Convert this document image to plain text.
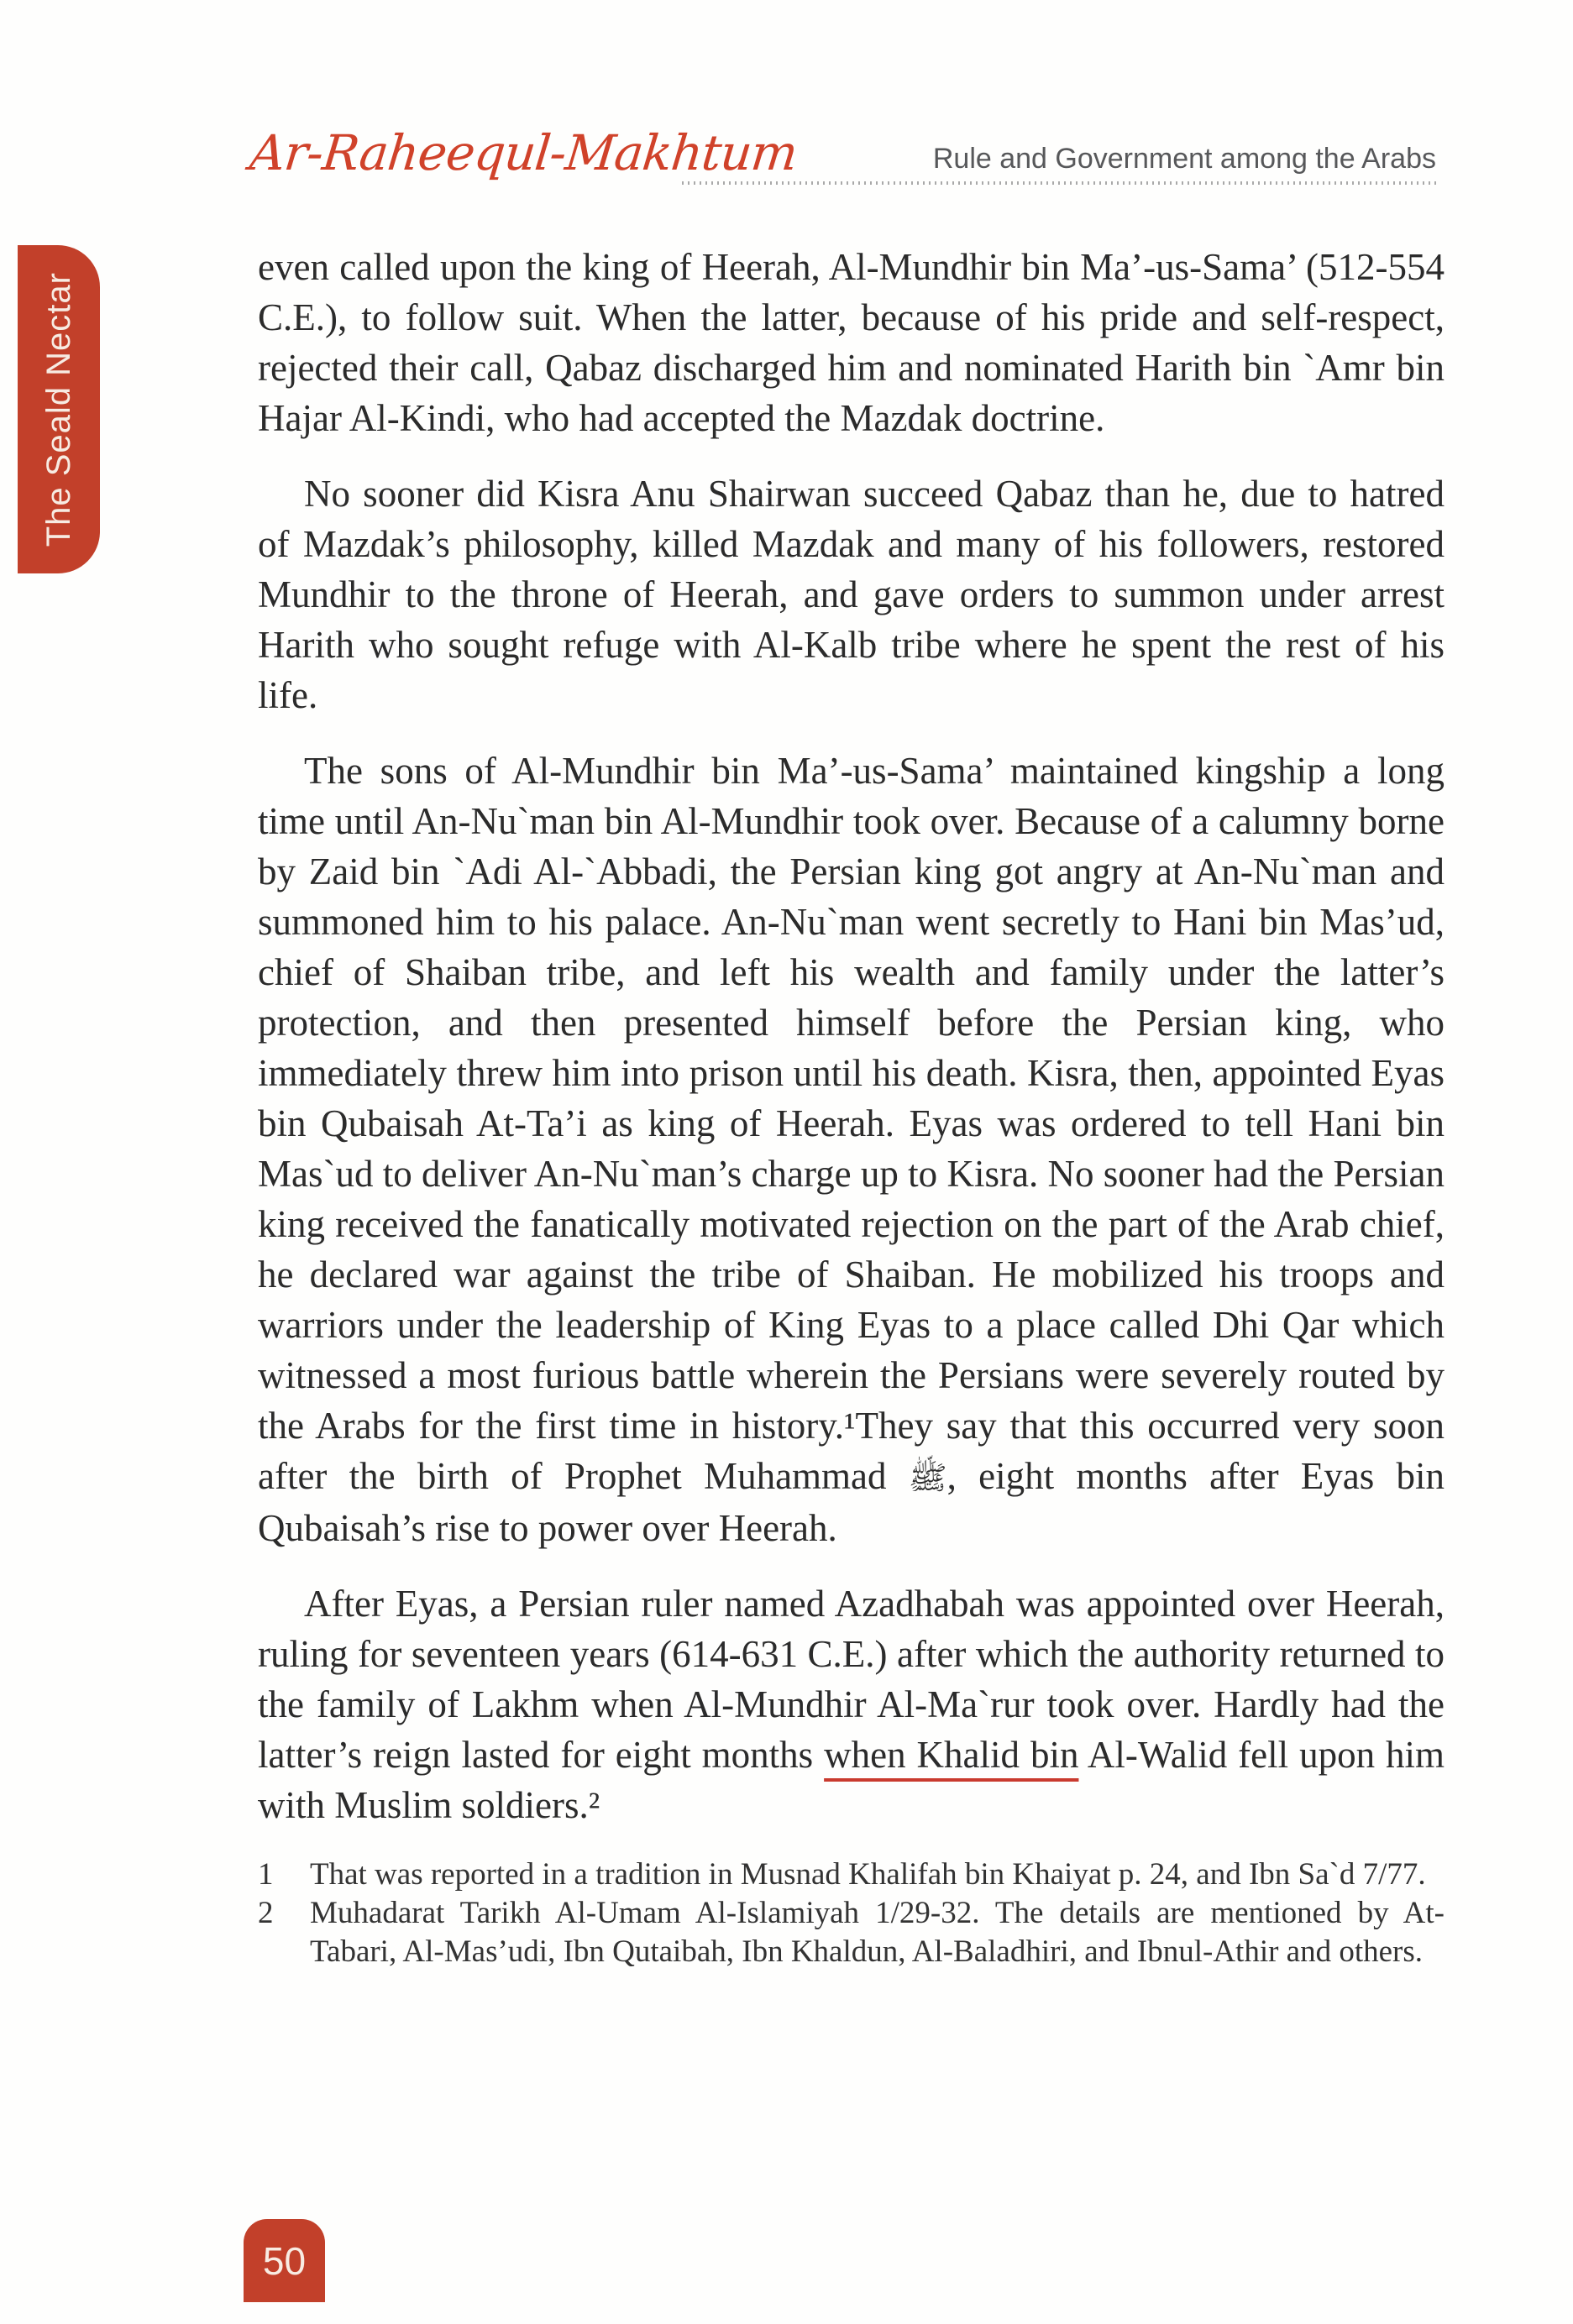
Ar-Raheequl-Makhtum	Rule and Government among the Arabs
The Seald Nectar

even called upon the king of Heerah, Al-Mundhir bin Ma’-us-Sama’ (512-554 C.E.), to follow suit. When the latter, because of his pride and self-respect, rejected their call, Qabaz discharged him and nominated Harith bin `Amr bin Hajar Al-Kindi, who had accepted the Mazdak doctrine.

No sooner did Kisra Anu Shairwan succeed Qabaz than he, due to hatred of Mazdak’s philosophy, killed Mazdak and many of his followers, restored Mundhir to the throne of Heerah, and gave orders to summon under arrest Harith who sought refuge with Al-Kalb tribe where he spent the rest of his life.

The sons of Al-Mundhir bin Ma’-us-Sama’ maintained kingship a long time until An-Nu`man bin Al-Mundhir took over. Because of a calumny borne by Zaid bin `Adi Al-`Abbadi, the Persian king got angry at An-Nu`man and summoned him to his palace. An-Nu`man went secretly to Hani bin Mas’ud, chief of Shaiban tribe, and left his wealth and family under the latter’s protection, and then presented himself before the Persian king, who immediately threw him into prison until his death. Kisra, then, appointed Eyas bin Qubaisah At-Ta’i as king of Heerah. Eyas was ordered to tell Hani bin Mas`ud to deliver An-Nu`man’s charge up to Kisra. No sooner had the Persian king received the fanatically motivated rejection on the part of the Arab chief, he declared war against the tribe of Shaiban. He mobilized his troops and warriors under the leadership of King Eyas to a place called Dhi Qar which witnessed a most furious battle wherein the Persians were severely routed by the Arabs for the first time in history.¹They say that this occurred very soon after the birth of Prophet Muhammad ﷺ, eight months after Eyas bin Qubaisah’s rise to power over Heerah.

After Eyas, a Persian ruler named Azadhabah was appointed over Heerah, ruling for seventeen years (614-631 C.E.) after which the authority returned to the family of Lakhm when Al-Mundhir Al-Ma`rur took over. Hardly had the latter’s reign lasted for eight months when Khalid bin Al-Walid fell upon him with Muslim soldiers.²

1	That was reported in a tradition in Musnad Khalifah bin Khaiyat p. 24, and Ibn Sa`d 7/77.
2	Muhadarat Tarikh Al-Umam Al-Islamiyah 1/29-32. The details are mentioned by At-Tabari, Al-Mas’udi, Ibn Qutaibah, Ibn Khaldun, Al-Baladhiri, and Ibnul-Athir and others.
50
